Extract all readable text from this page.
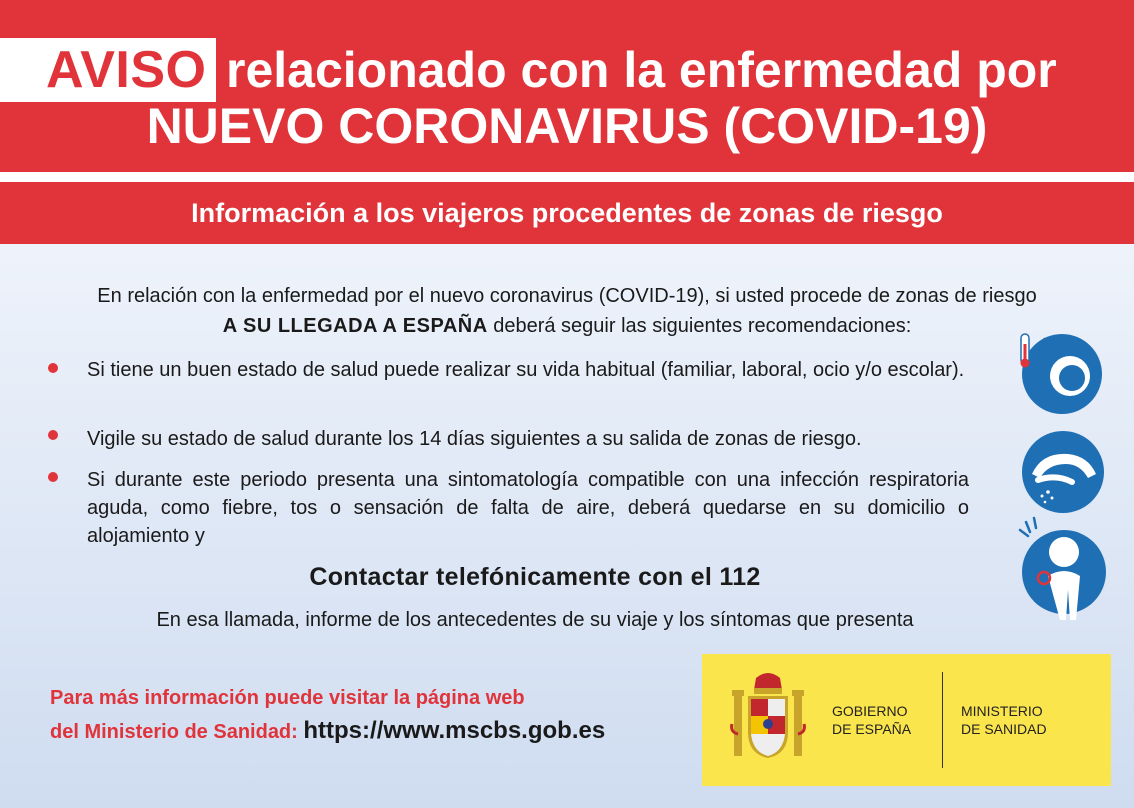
AVISO relacionado con la enfermedad por
NUEVO CORONAVIRUS (COVID-19)
Información a los viajeros procedentes de zonas de riesgo
En relación con la enfermedad por el nuevo coronavirus (COVID-19), si usted procede de zonas de riesgo
A SU LLEGADA A ESPAÑA deberá seguir las siguientes recomendaciones:
Si tiene un buen estado de salud puede realizar su vida habitual (familiar, laboral, ocio y/o escolar).
Vigile su estado de salud durante los 14 días siguientes a su salida de zonas de riesgo.
Si durante este periodo presenta una sintomatología compatible con una infección respiratoria aguda, como fiebre, tos o sensación de falta de aire, deberá quedarse en su domicilio o alojamiento y
Contactar telefónicamente con el 112
En esa llamada, informe de los antecedentes de su viaje y los síntomas que presenta
Para más información puede visitar la página web
del Ministerio de Sanidad: https://www.mscbs.gob.es
GOBIERNO
DE ESPAÑA
MINISTERIO
DE SANIDAD
